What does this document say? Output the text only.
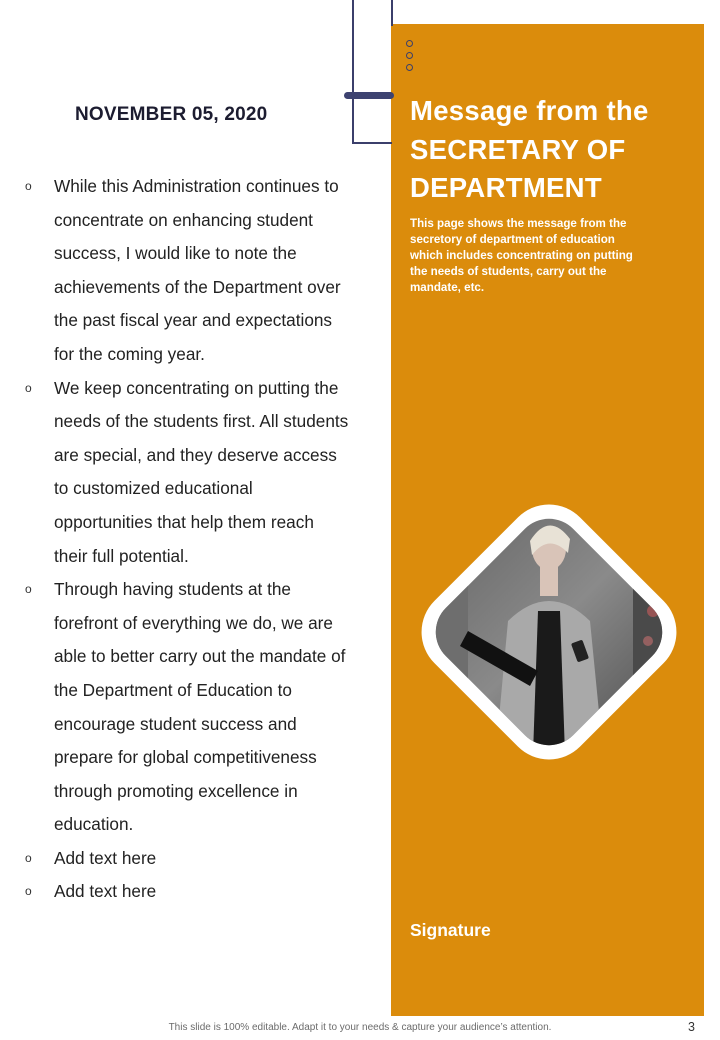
NOVEMBER 05, 2020
o While this Administration continues to
concentrate on enhancing student
success, I would like to note the
achievements of the Department over
the past fiscal year and expectations
for the coming year.
o We keep concentrating on putting the
needs of the students first. All students
are special, and they deserve access
to customized educational
opportunities that help them reach
their full potential.
o Through having students at the
forefront of everything we do, we are
able to better carry out the mandate of
the Department of Education to
encourage student success and
prepare for global competitiveness
through promoting excellence in
education.
o Add text here
o Add text here
Message from the
SECRETARY OF
DEPARTMENT
This page shows the message from the
secretory of department of education
which includes concentrating on putting
the needs of students, carry out the
mandate, etc.
Signature
This slide is 100% editable. Adapt it to your needs & capture your audience’s attention.	3
